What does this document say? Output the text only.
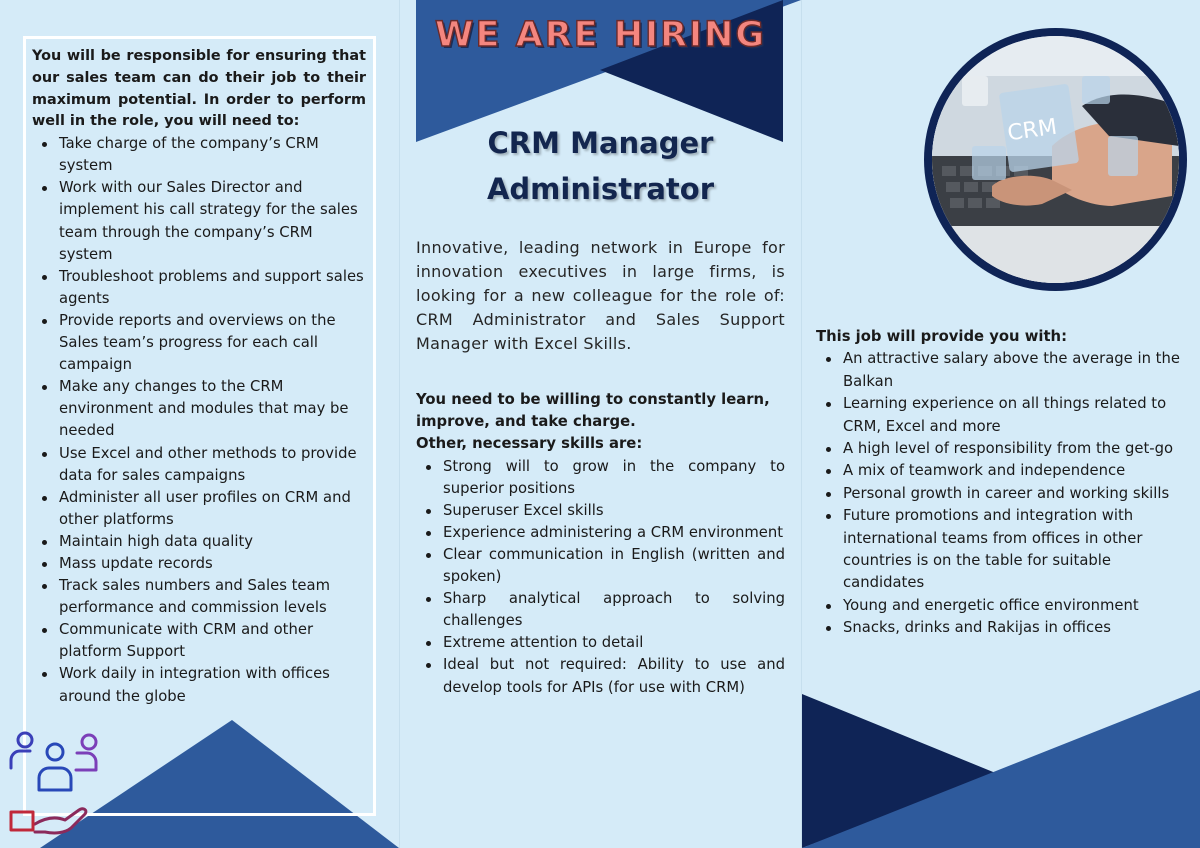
You will be responsible for ensuring that our sales team can do their job to their maximum potential. In order to perform well in the role, you will need to:

Take charge of the company’s CRM system
Work with our Sales Director and implement his call strategy for the sales team through the company’s CRM system
Troubleshoot problems and support sales agents
Provide reports and overviews on the Sales team’s progress for each call campaign
Make any changes to the CRM environment and modules that may be needed
Use Excel and other methods to provide data for sales campaigns
Administer all user profiles on CRM and other platforms
Maintain high data quality
Mass update records
Track sales numbers and Sales team performance and commission levels
Communicate with CRM and other platform Support
Work daily in integration with offices around the globe
WE ARE HIRING
CRM Manager
Administrator

Innovative, leading network in Europe for innovation executives in large firms, is looking for a new colleague for the role of: CRM Administrator and Sales Support Manager with Excel Skills.

You need to be willing to constantly learn, improve, and take charge.

Other, necessary skills are:

Strong will to grow in the company to superior positions
Superuser Excel skills
Experience administering a CRM environment
Clear communication in English (written and spoken)
Sharp analytical approach to solving challenges
Extreme attention to detail
Ideal but not required: Ability to use and develop tools for APIs (for use with CRM)
CRM

This job will provide you with:

An attractive salary above the average in the Balkan
Learning experience on all things related to CRM, Excel and more
A high level of responsibility from the get-go
A mix of teamwork and independence
Personal growth in career and working skills
Future promotions and integration with international teams from offices in other countries is on the table for suitable candidates
Young and energetic office environment
Snacks, drinks and Rakijas in offices
